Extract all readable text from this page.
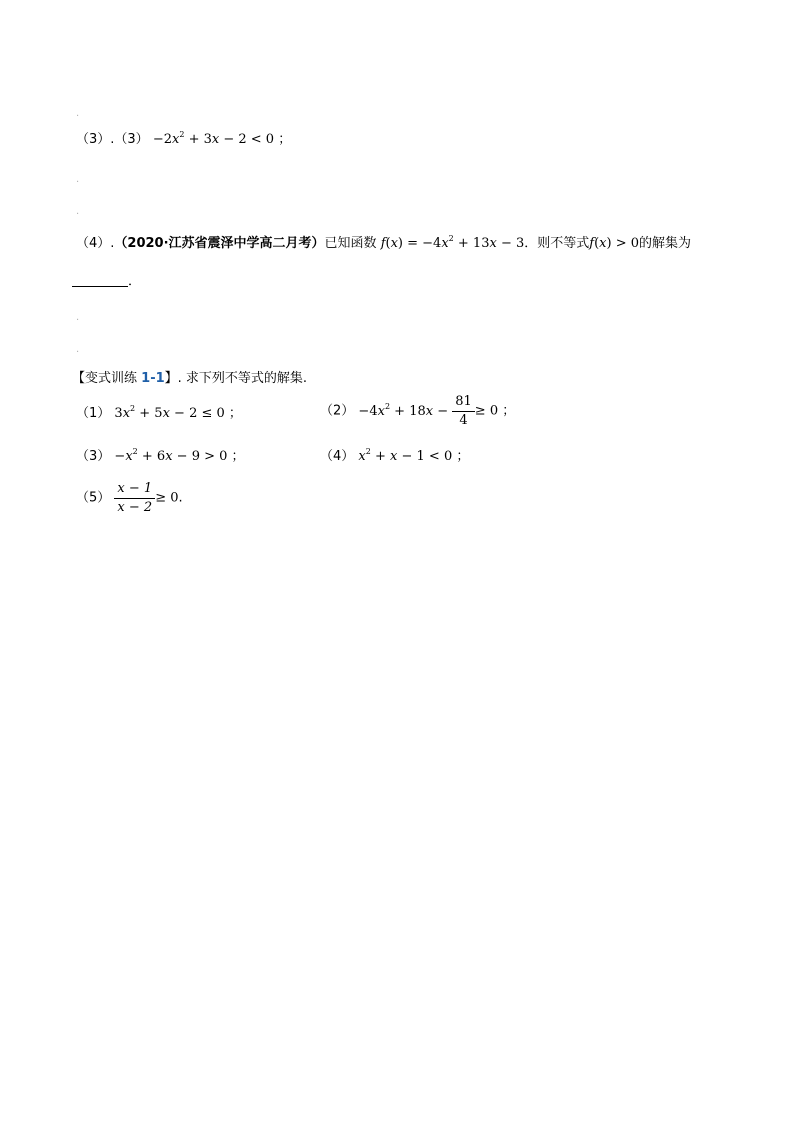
·
$(3).(3) -2x^2 + 3x - 2 < 0$ ；
·
·
（4）.（2020·江苏省震泽中学高二月考）已知函数 $f(x) = -4x^2 + 13x - 3$．则不等式f(x) > 0的解集为
．
·
·
【变式训练 1-1】. 求下列不等式的解集.
（1） $3x^2 + 5x - 2 \le 0$ ；	$(2) -4x^2 + 18x - \frac{81}{4} \ge 0$ ；
$(3) -x^2 + 6x - 9 > 0$ ；	（4） $x^2 + x - 1 < 0$ ；
$(5) \frac{x - 1}{x - 2} \ge 0$.
